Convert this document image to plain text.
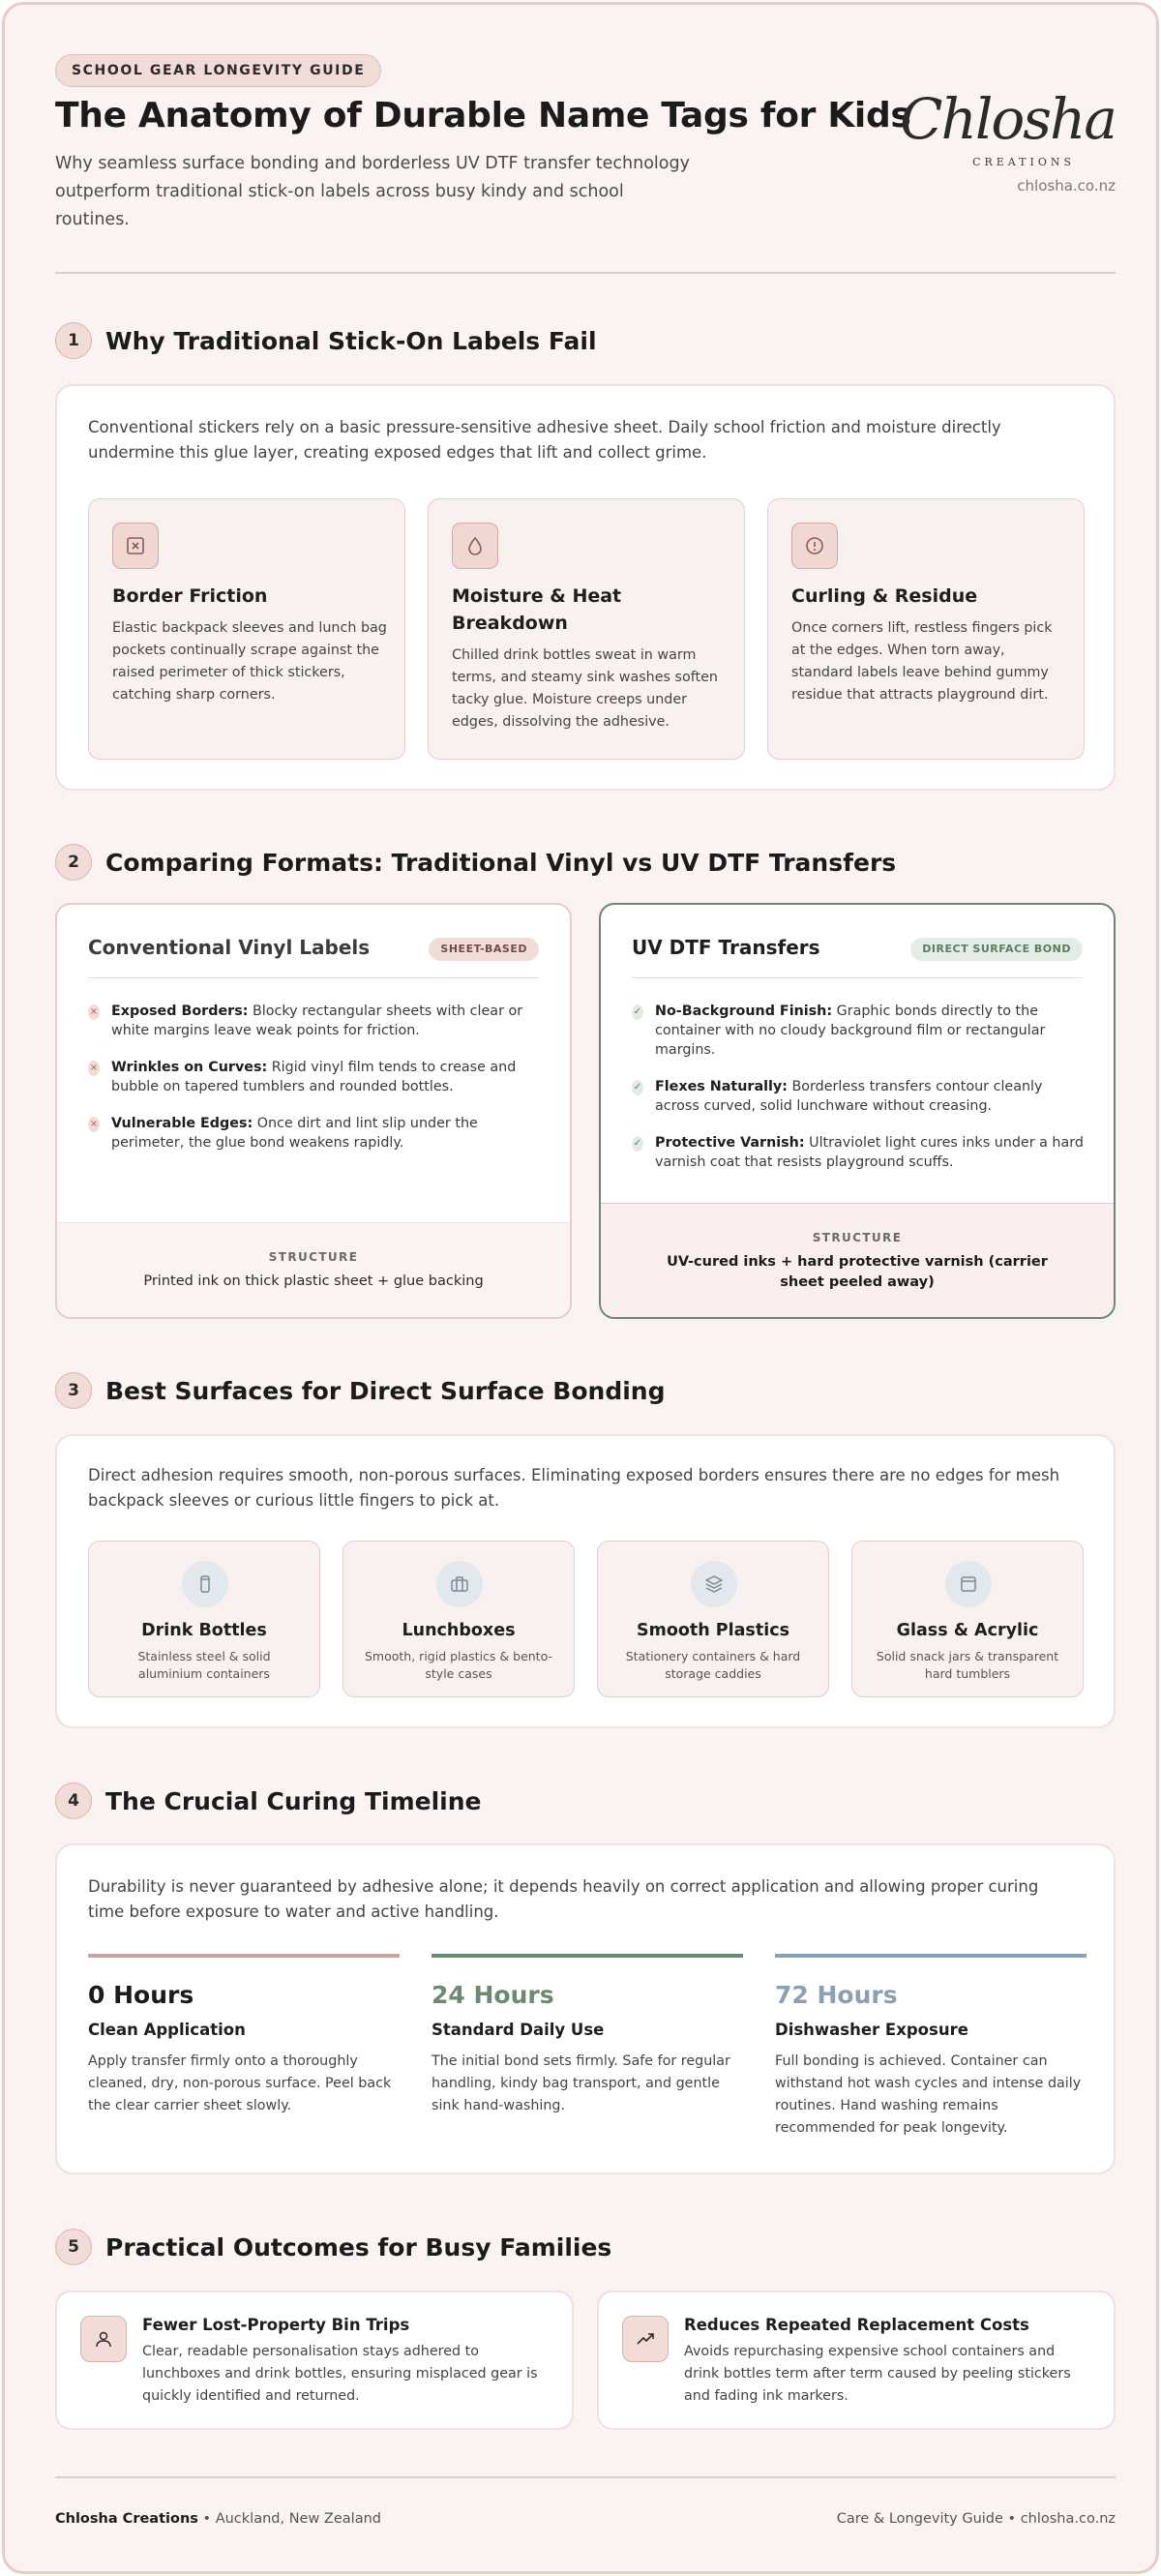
SCHOOL GEAR LONGEVITY GUIDE
The Anatomy of Durable Name Tags for Kids
Why seamless surface bonding and borderless UV DTF transfer technology outperform traditional stick-on labels across busy kindy and school routines.
Chlosha
CREATIONS
chlosha.co.nz
1	Why Traditional Stick-On Labels Fail
Conventional stickers rely on a basic pressure-sensitive adhesive sheet. Daily school friction and moisture directly undermine this glue layer, creating exposed edges that lift and collect grime.
Border Friction
Elastic backpack sleeves and lunch bag pockets continually scrape against the raised perimeter of thick stickers, catching sharp corners.
Moisture & Heat Breakdown
Chilled drink bottles sweat in warm terms, and steamy sink washes soften tacky glue. Moisture creeps under edges, dissolving the adhesive.
Curling & Residue
Once corners lift, restless fingers pick at the edges. When torn away, standard labels leave behind gummy residue that attracts playground dirt.
2	Comparing Formats: Traditional Vinyl vs UV DTF Transfers
Conventional Vinyl Labels	SHEET-BASED
× Exposed Borders: Blocky rectangular sheets with clear or white margins leave weak points for friction.
× Wrinkles on Curves: Rigid vinyl film tends to crease and bubble on tapered tumblers and rounded bottles.
× Vulnerable Edges: Once dirt and lint slip under the perimeter, the glue bond weakens rapidly.
STRUCTURE
Printed ink on thick plastic sheet + glue backing
UV DTF Transfers	DIRECT SURFACE BOND
✓ No-Background Finish: Graphic bonds directly to the container with no cloudy background film or rectangular margins.
✓ Flexes Naturally: Borderless transfers contour cleanly across curved, solid lunchware without creasing.
✓ Protective Varnish: Ultraviolet light cures inks under a hard varnish coat that resists playground scuffs.
STRUCTURE
UV-cured inks + hard protective varnish (carrier sheet peeled away)
3	Best Surfaces for Direct Surface Bonding
Direct adhesion requires smooth, non-porous surfaces. Eliminating exposed borders ensures there are no edges for mesh backpack sleeves or curious little fingers to pick at.
Drink Bottles
Stainless steel & solid aluminium containers
Lunchboxes
Smooth, rigid plastics & bento-style cases
Smooth Plastics
Stationery containers & hard storage caddies
Glass & Acrylic
Solid snack jars & transparent hard tumblers
4	The Crucial Curing Timeline
Durability is never guaranteed by adhesive alone; it depends heavily on correct application and allowing proper curing time before exposure to water and active handling.
0 Hours
Clean Application
Apply transfer firmly onto a thoroughly cleaned, dry, non-porous surface. Peel back the clear carrier sheet slowly.
24 Hours
Standard Daily Use
The initial bond sets firmly. Safe for regular handling, kindy bag transport, and gentle sink hand-washing.
72 Hours
Dishwasher Exposure
Full bonding is achieved. Container can withstand hot wash cycles and intense daily routines. Hand washing remains recommended for peak longevity.
5	Practical Outcomes for Busy Families
Fewer Lost-Property Bin Trips
Clear, readable personalisation stays adhered to lunchboxes and drink bottles, ensuring misplaced gear is quickly identified and returned.
Reduces Repeated Replacement Costs
Avoids repurchasing expensive school containers and drink bottles term after term caused by peeling stickers and fading ink markers.
Chlosha Creations • Auckland, New Zealand	Care & Longevity Guide • chlosha.co.nz
